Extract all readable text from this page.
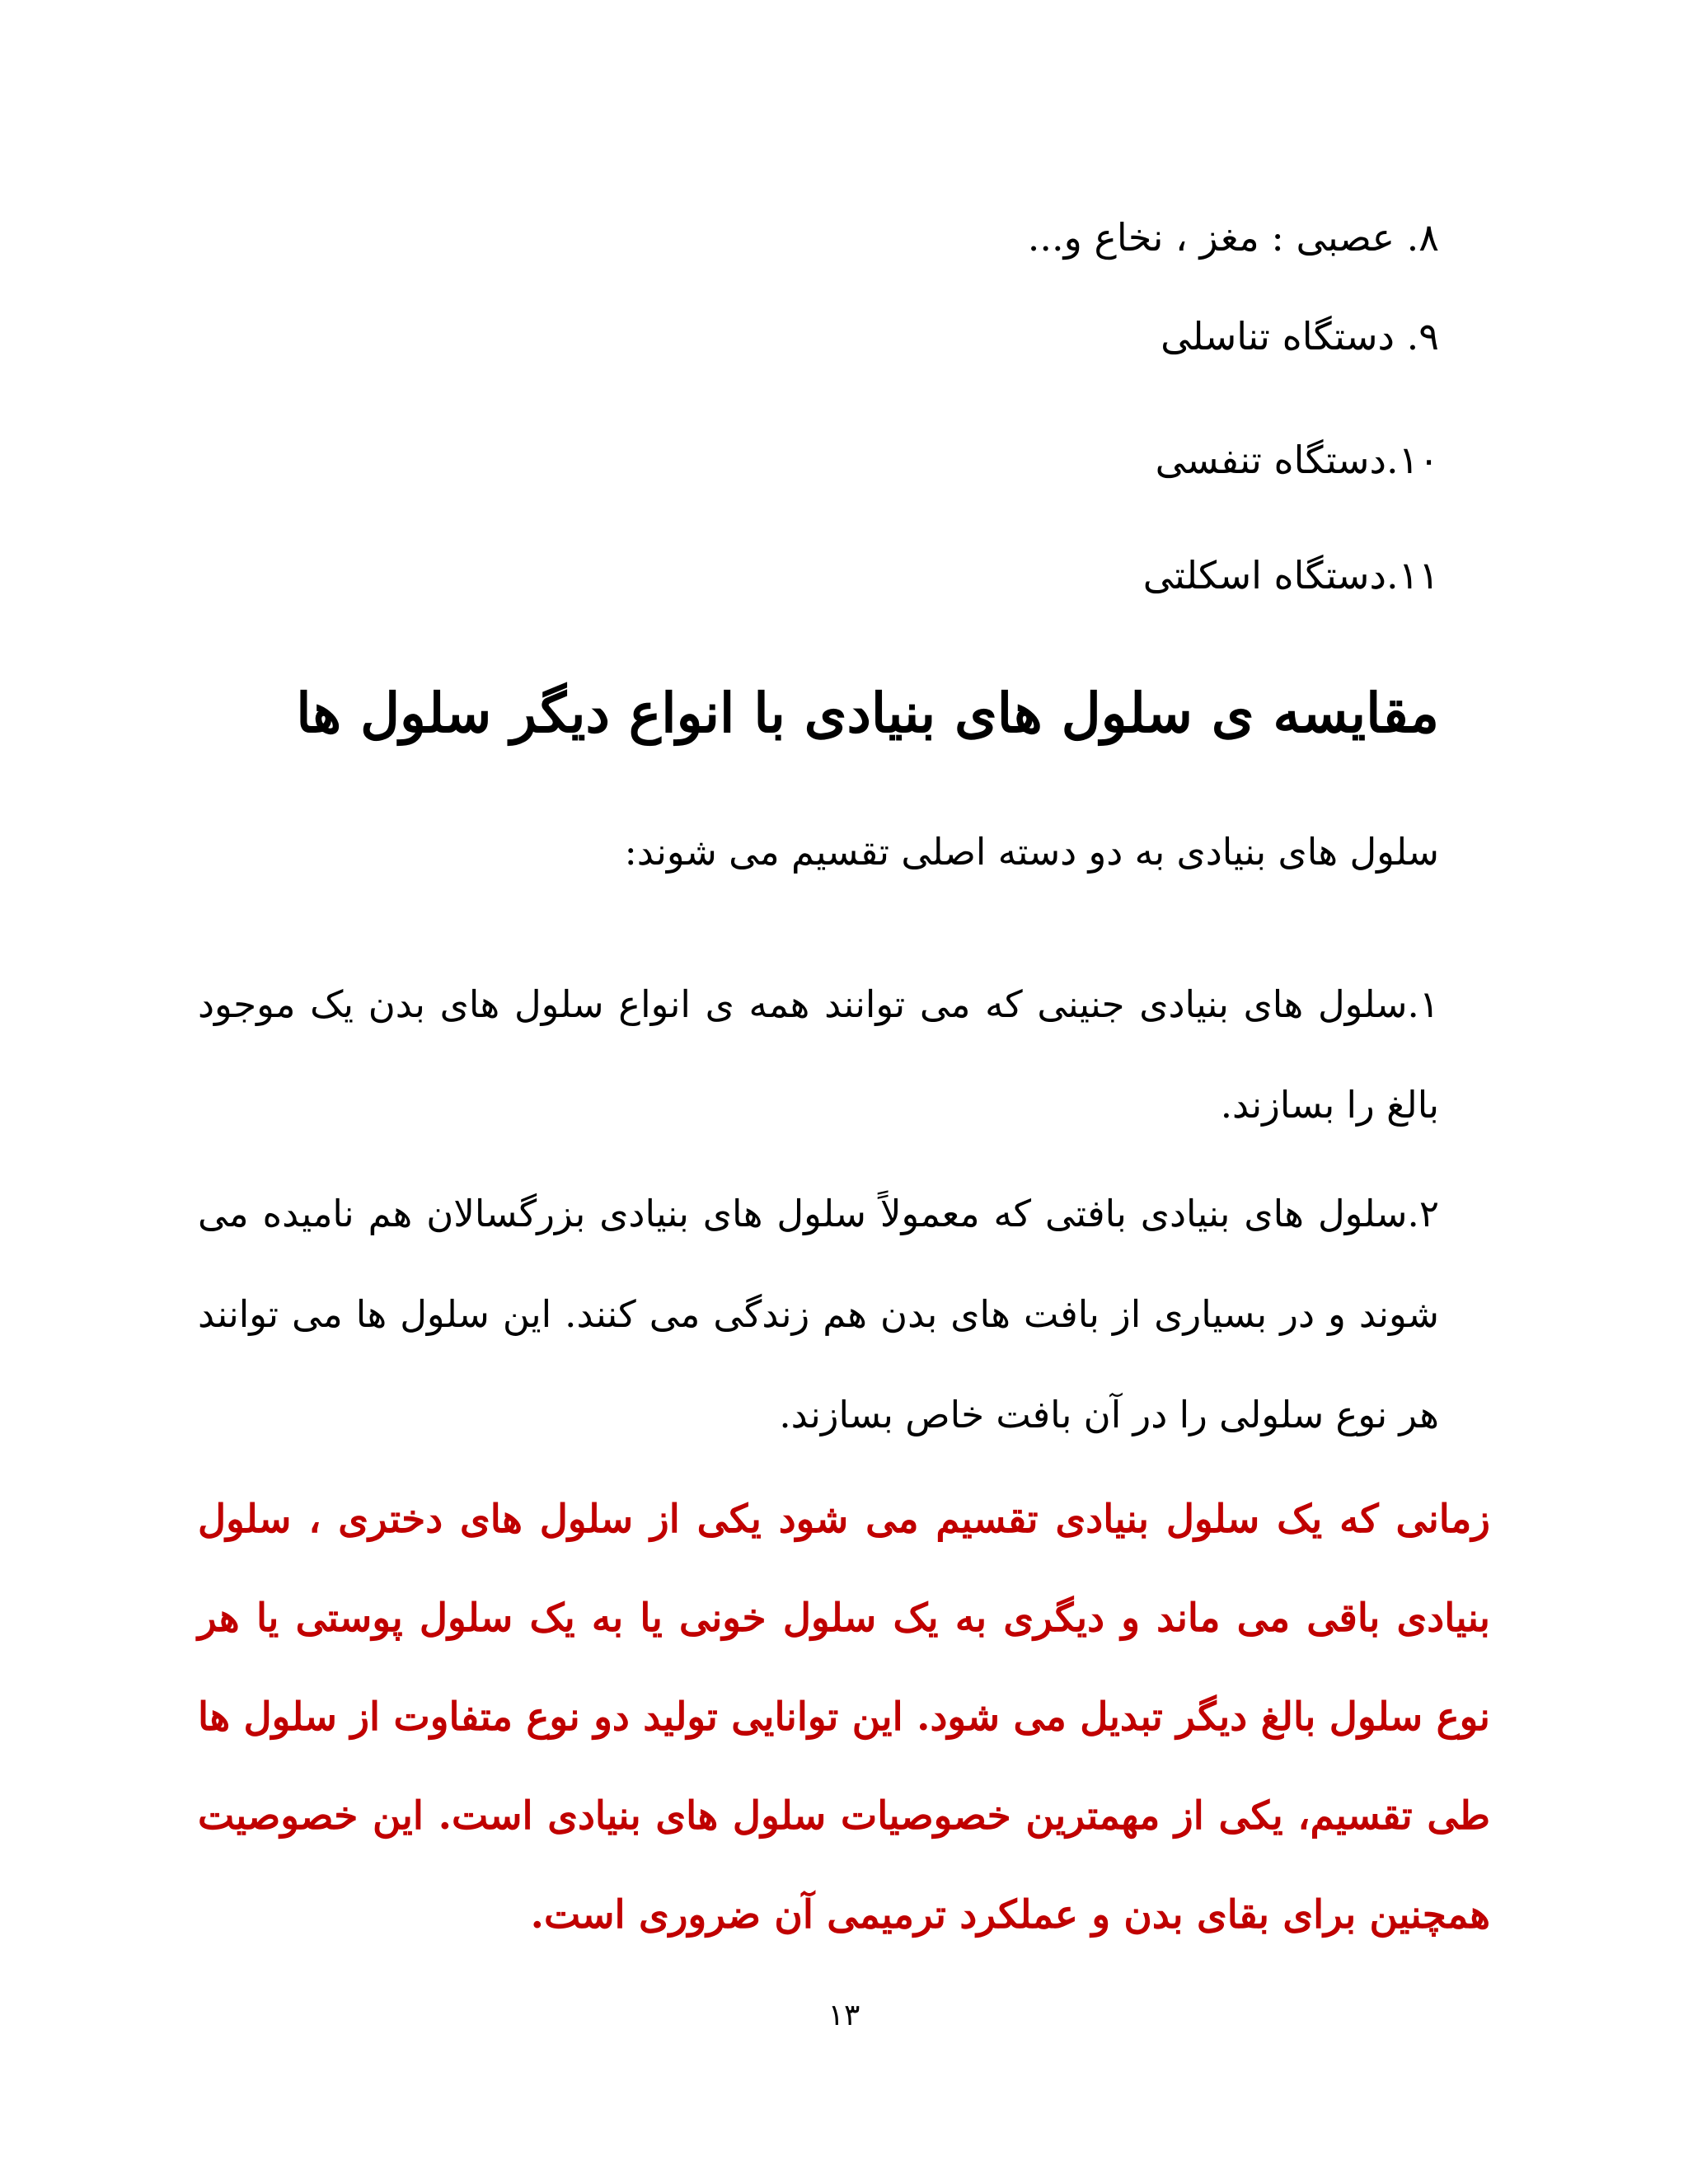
۸. عصبی : مغز ، نخاع و...
۹. دستگاه تناسلی
۱۰.دستگاه تنفسی
۱۱.دستگاه اسکلتی
مقایسه ی سلول های بنیادی با انواع دیگر سلول ها
سلول های بنیادی به دو دسته اصلی تقسیم می شوند:
۱.سلول های بنیادی جنینی که می توانند همه ی انواع سلول های بدن یک موجود بالغ را بسازند.
۲.سلول های بنیادی بافتی که معمولاً سلول های بنیادی بزرگسالان هم نامیده می شوند و در بسیاری از بافت های بدن هم زندگی می کنند. این سلول ها می توانند هر نوع سلولی را در آن بافت خاص بسازند.
زمانی که یک سلول بنیادی تقسیم می شود یکی از سلول های دختری ، سلول بنیادی باقی می ماند و دیگری به یک سلول خونی یا به یک سلول پوستی یا هر نوع سلول بالغ دیگر تبدیل می شود. این توانایی تولید دو نوع متفاوت از سلول ها طی تقسیم، یکی از مهمترین خصوصیات سلول های بنیادی است. این خصوصیت همچنین برای بقای بدن و عملکرد ترمیمی آن ضروری است.
۱۳
